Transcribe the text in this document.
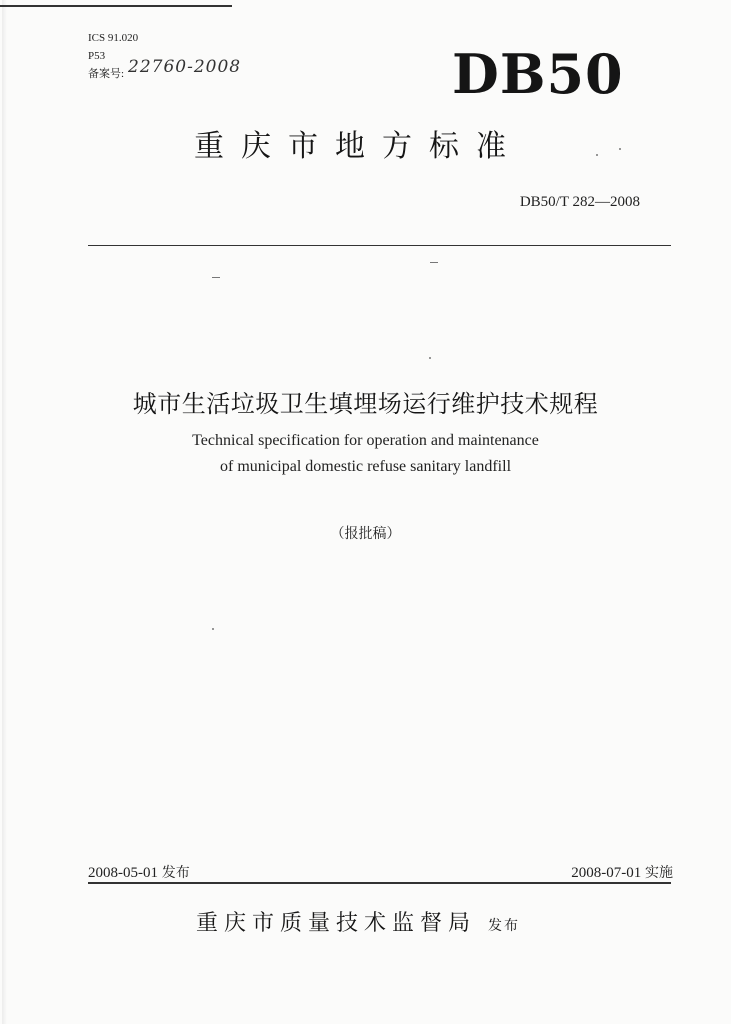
ICS 91.020
P53
备案号: 22760-2008	DB50
重庆市地方标准
DB50/T 282—2008
城市生活垃圾卫生填埋场运行维护技术规程
Technical specification for operation and maintenance
of municipal domestic refuse sanitary landfill
（报批稿）
2008-05-01 发布	2008-07-01 实施
重庆市质量技术监督局 发布
